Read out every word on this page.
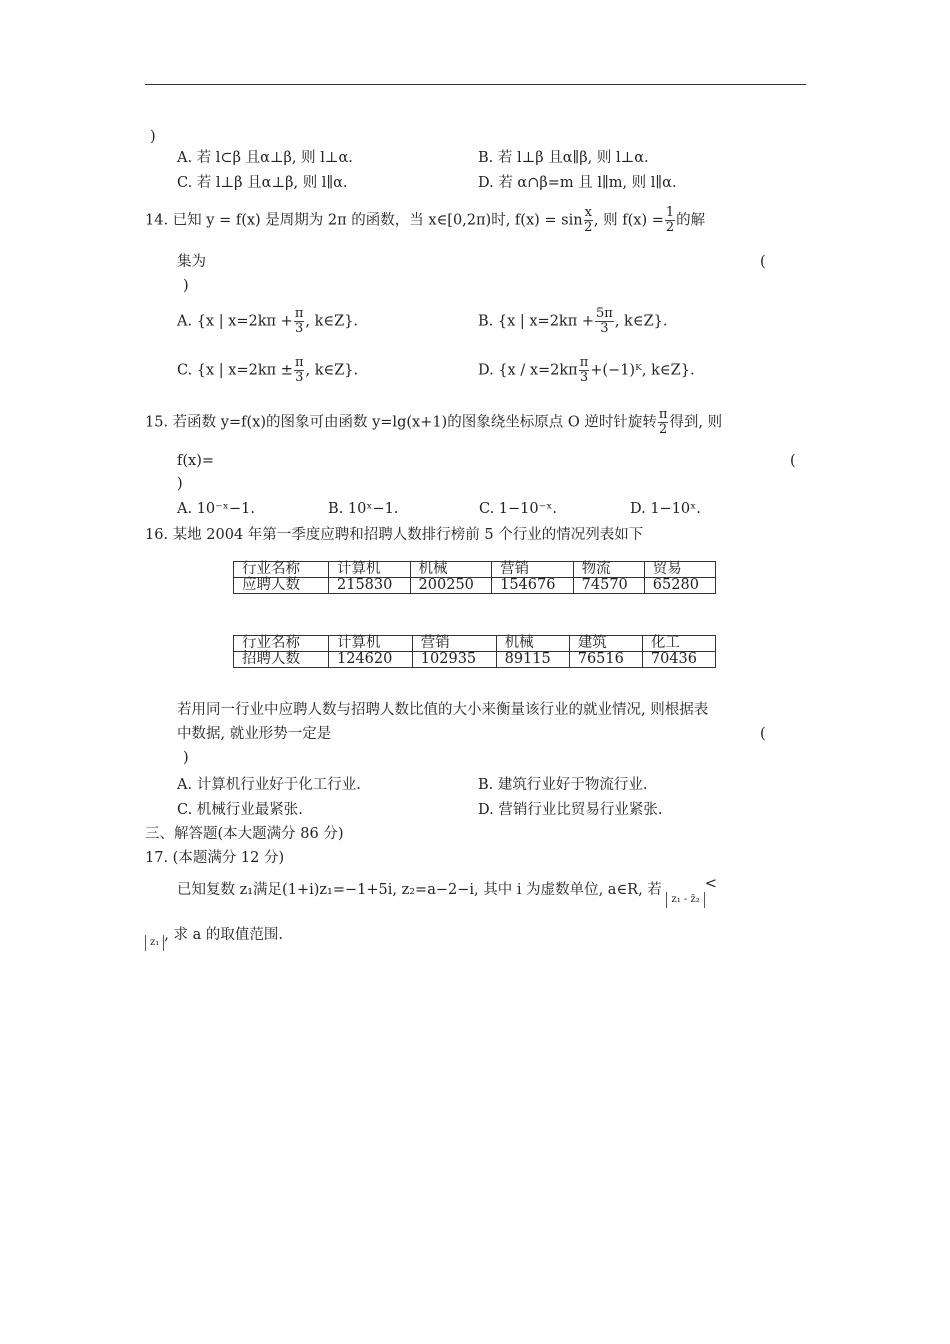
)
A. 若 l⊂β 且α⊥β, 则 l⊥α.	B. 若 l⊥β 且α∥β, 则 l⊥α.
C. 若 l⊥β 且α⊥β, 则 l∥α.	D. 若 α∩β=m 且 l∥m, 则 l∥α.
14. 已知 y = f(x) 是周期为 2π 的函数，当 x∈[0,2π)时, $f(x) = \sin \frac{x}{2}$ , 则 $f(x) = \frac{1}{2}$ 的解
集为	(
)
A. {x | $x=2k\pi + \frac{\pi}{3}$ , k∈Z}.	B. {x | $x=2k\pi + \frac{5\pi}{3}$ , k∈Z}.
C. {x | $x=2k\pi \pm \frac{\pi}{3}$ , k∈Z}.	D. {$x / x=2k\pi \frac{\pi}{3}$ +(−1)ᴷ, k∈Z}.
15. 若函数 y=f(x)的图象可由函数 y=lg(x+1)的图象绕坐标原点 O 逆时针旋转 $\frac{\pi}{2}$ 得到, 则
f(x)=	(
)
A. 10⁻ˣ−1.	B. 10ˣ−1.	C. 1−10⁻ˣ.	D. 1−10ˣ.
16. 某地 2004 年第一季度应聘和招聘人数排行榜前 5 个行业的情况列表如下
行业名称	计算机	机械	营销	物流	贸易
应聘人数	215830	200250	154676	74570	65280
行业名称	计算机	营销	机械	建筑	化工
招聘人数	124620	102935	89115	76516	70436
若用同一行业中应聘人数与招聘人数比值的大小来衡量该行业的就业情况, 则根据表
中数据, 就业形势一定是	(
)
A. 计算机行业好于化工行业.	B. 建筑行业好于物流行业.
C. 机械行业最紧张.	D. 营销行业比贸易行业紧张.
三、解答题(本大题满分 86 分)
17. (本题满分 12 分)
已知复数 z₁满足(1+i)z₁=−1+5i, z₂=a−2−i, 其中 i 为虚数单位, a∈R, 若 z₁ - z̄₂<
z₁ , 求 a 的取值范围.
